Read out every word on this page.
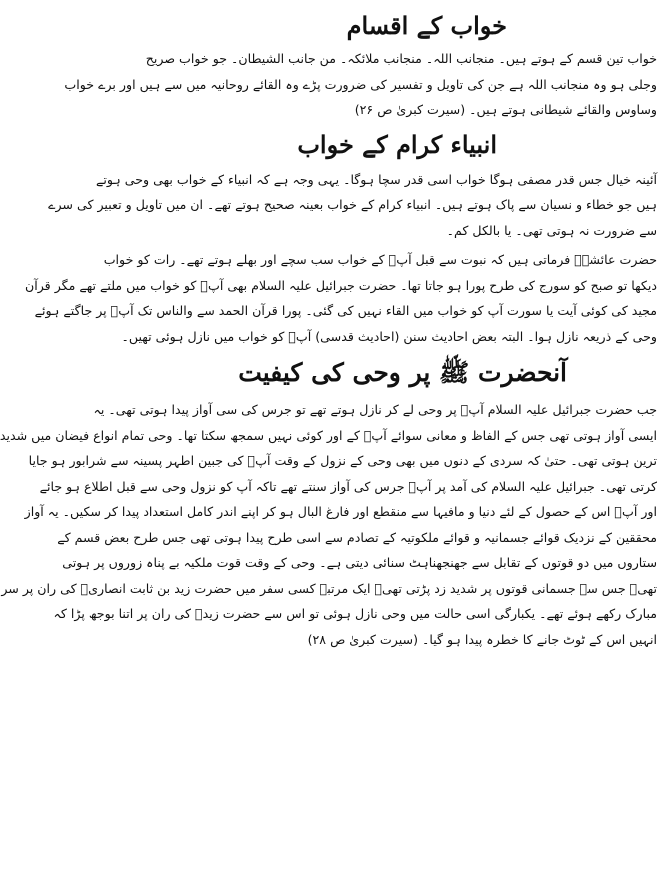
خواب کے اقسام
خواب تین قسم کے ہوتے ہیں۔ منجانب اللہ۔ منجانب ملائکہ۔ من جانب الشیطان۔ جو خواب صریح
وجلی ہو وہ منجانب اللہ ہے جن کی تاویل و تفسیر کی ضرورت پڑے وہ القائے روحانیہ میں سے ہیں اور برے خواب
وساوس والقائے شیطانی ہوتے ہیں۔ (سیرت کبریٰ ص ۲۶)
انبیاء کرام کے خواب
آئینہ خیال جس قدر مصفی ہوگا خواب اسی قدر سچا ہوگا۔ یہی وجہ ہے کہ انبیاء کے خواب بھی وحی ہوتے
ہیں جو خطاء و نسیان سے پاک ہوتے ہیں۔ انبیاء کرام کے خواب بعینہ صحیح ہوتے تھے۔ ان میں تاویل و تعبیر کی سرے
سے ضرورت نہ ہوتی تھی۔ یا بالکل کم۔
حضرت عائشہؓ فرماتی ہیں کہ نبوت سے قبل آپؐ کے خواب سب سچے اور بھلے ہوتے تھے۔ رات کو خواب
دیکھا تو صبح کو سورج کی طرح پورا ہو جاتا تھا۔ حضرت جبرائیل علیہ السلام بھی آپؐ کو خواب میں ملتے تھے مگر قرآن
مجید کی کوئی آیت یا سورت آپ کو خواب میں القاء نہیں کی گئی۔ پورا قرآن الحمد سے والناس تک آپؐ پر جاگتے ہوئے
وحی کے ذریعہ نازل ہوا۔ البتہ بعض احادیث سنن (احادیث قدسی) آپؐ کو خواب میں نازل ہوئی تھیں۔
آنحضرت ﷺ پر وحی کی کیفیت
جب حضرت جبرائیل علیہ السلام آپؐ پر وحی لے کر نازل ہوتے تھے تو جرس کی سی آواز پیدا ہوتی تھی۔ یہ
ایسی آواز ہوتی تھی جس کے الفاظ و معانی سوائے آپؐ کے اور کوئی نہیں سمجھ سکتا تھا۔ وحی تمام انواع فیضان میں شدید
ترین ہوتی تھی۔ حتیٰ کہ سردی کے دنوں میں بھی وحی کے نزول کے وقت آپؐ کی جبین اطہر پسینہ سے شرابور ہو جایا
کرتی تھی۔ جبرائیل علیہ السلام کی آمد پر آپؐ جرس کی آواز سنتے تھے تاکہ آپ کو نزول وحی سے قبل اطلاع ہو جائے
اور آپؐ اس کے حصول کے لئے دنیا و مافیہا سے منقطع اور فارغ البال ہو کر اپنے اندر کامل استعداد پیدا کر سکیں۔ یہ آواز
محققین کے نزدیک قوائے جسمانیہ و قوائے ملکوتیہ کے تصادم سے اسی طرح پیدا ہوتی تھی جس طرح بعض قسم کے
ستاروں میں دو قوتوں کے تقابل سے جھنجھناہٹ سنائی دیتی ہے۔ وحی کے وقت قوت ملکیہ بے پناہ زوروں پر ہوتی
تھی۔ جس سے جسمانی قوتوں پر شدید زد پڑتی تھی۔ ایک مرتبہ کسی سفر میں حضرت زید بن ثابت انصاریؓ کی ران پر سر
مبارک رکھے ہوئے تھے۔ یکبارگی اسی حالت میں وحی نازل ہوئی تو اس سے حضرت زیدؓ کی ران پر اتنا بوجھ پڑا کہ
انہیں اس کے ٹوٹ جانے کا خطرہ پیدا ہو گیا۔ (سیرت کبریٰ ص ۲۸)
